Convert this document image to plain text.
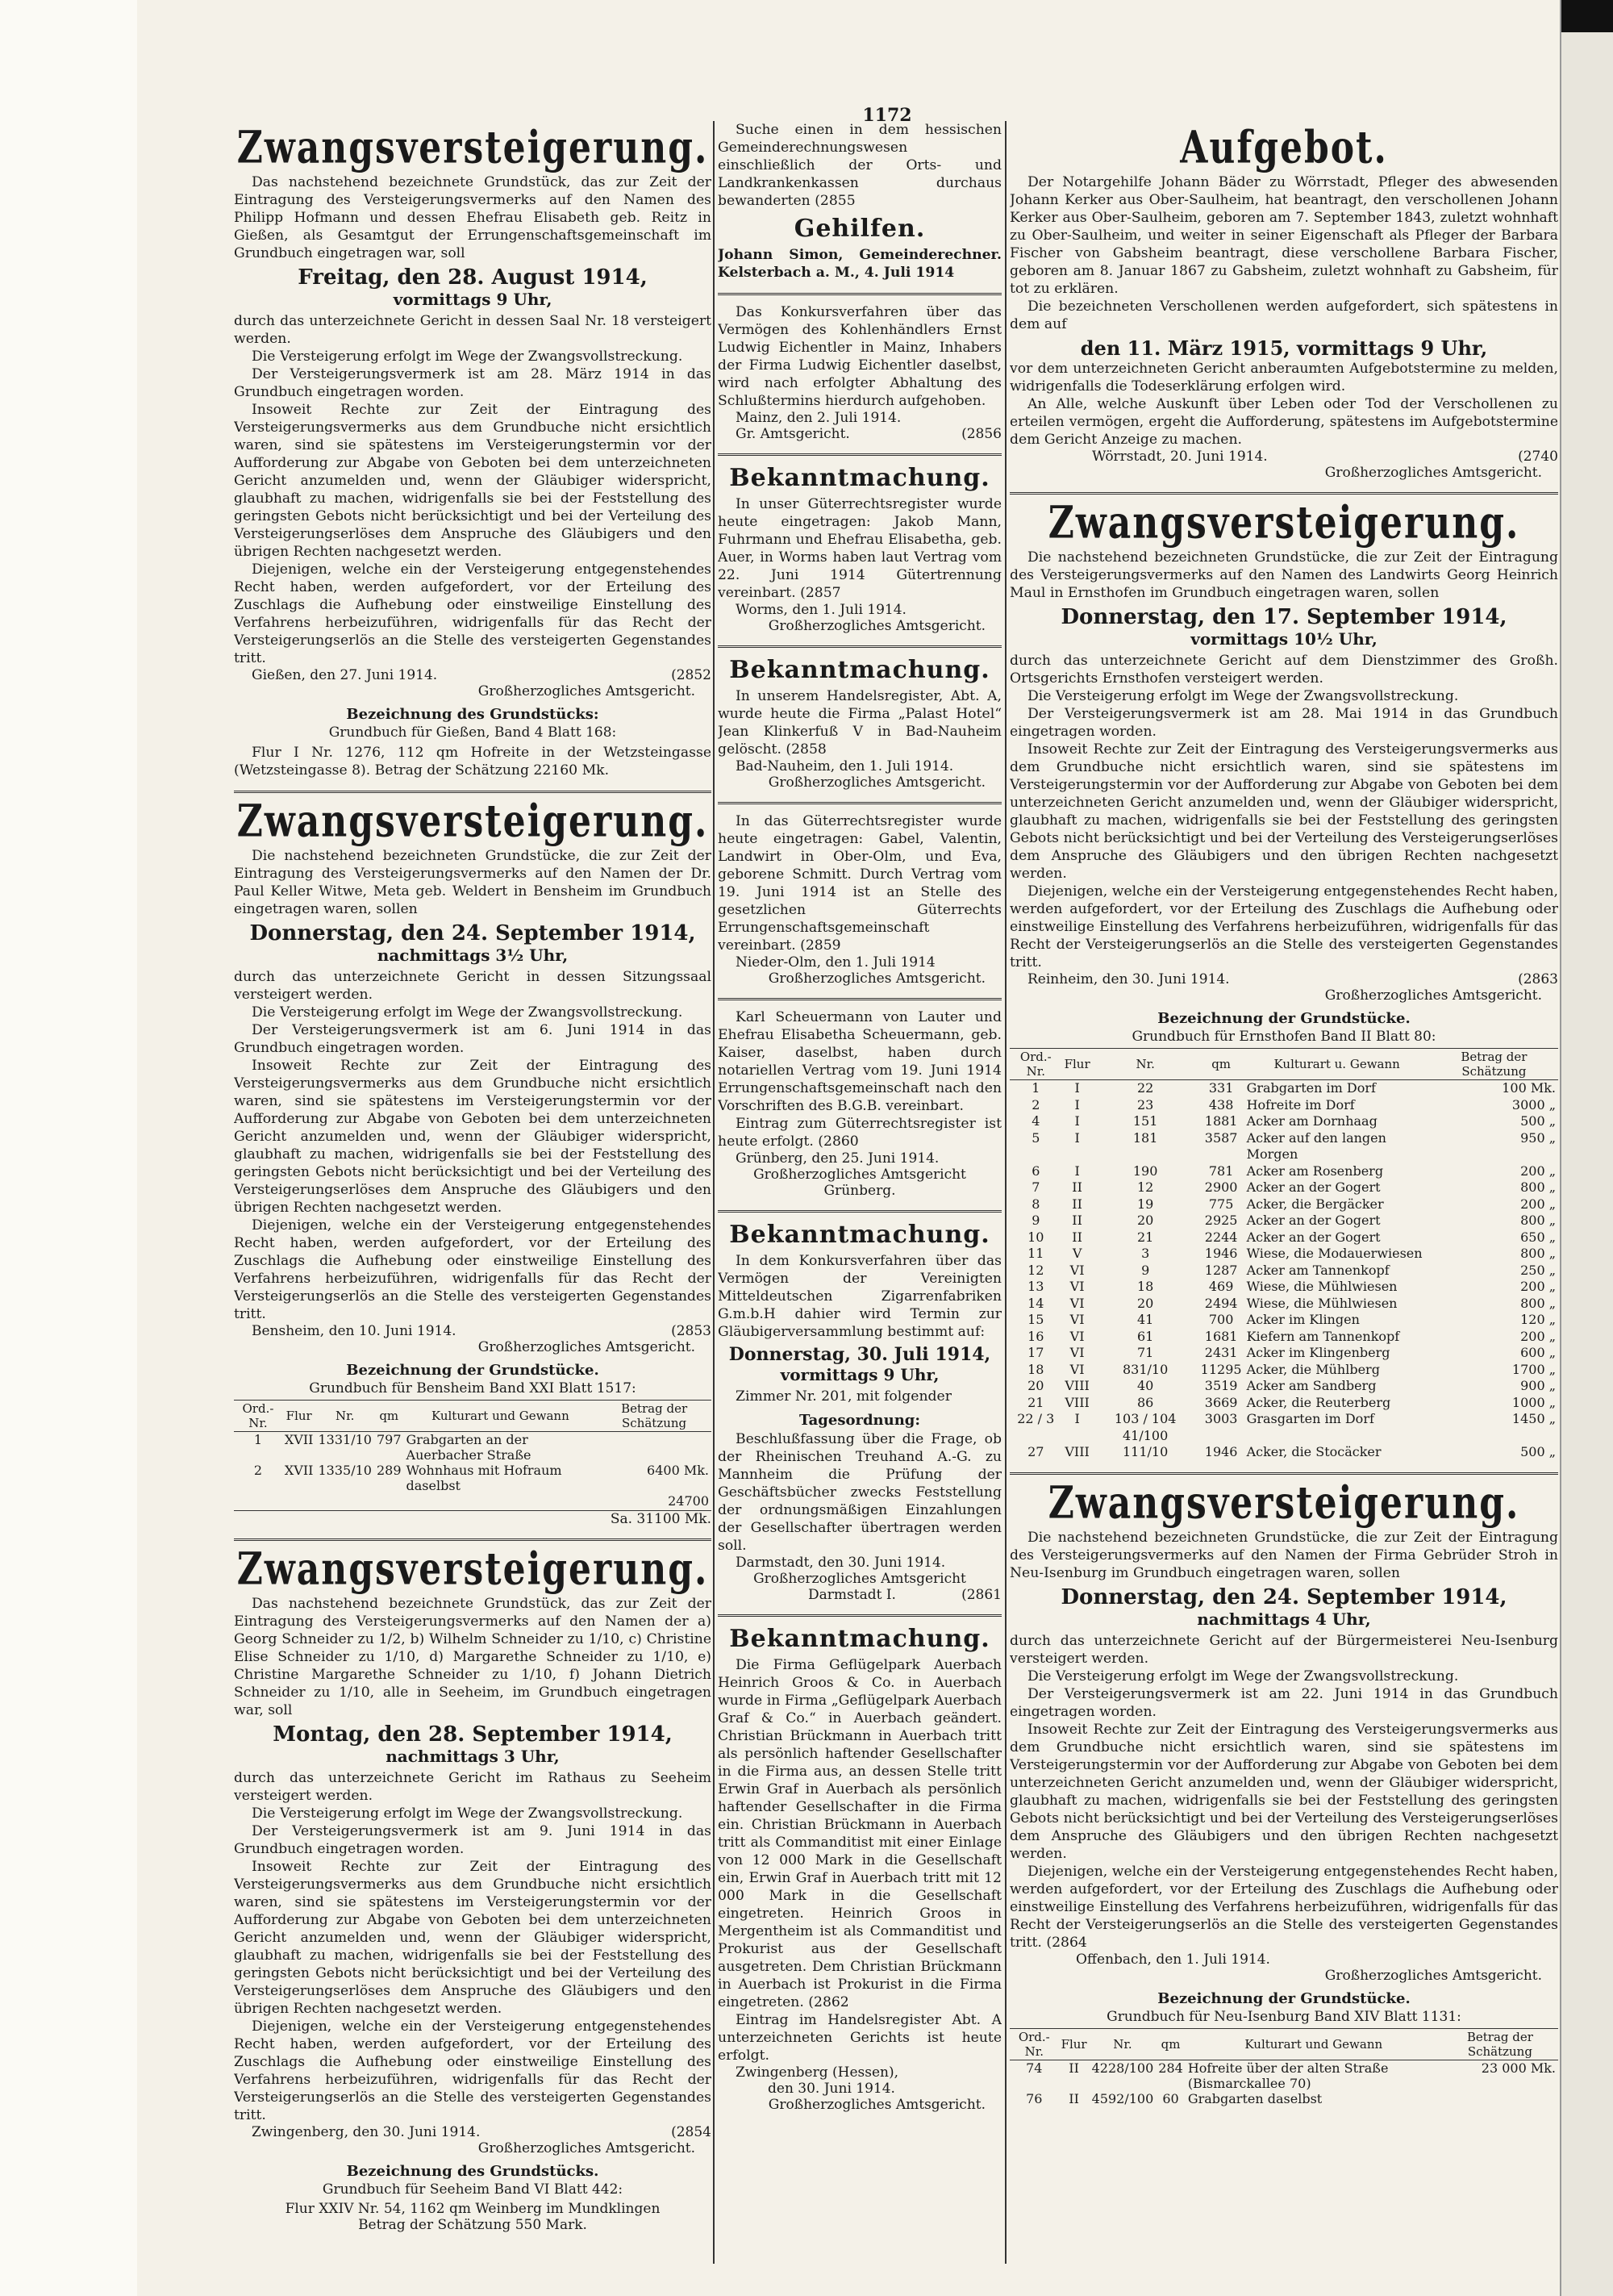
1172
Zwangsversteigerung.

Das nachstehend bezeichnete Grundstück, das zur Zeit der Eintragung des Versteigerungsvermerks auf den Namen des Philipp Hofmann und dessen Ehefrau Elisabeth geb. Reitz in Gießen, als Gesamtgut der Errungenschaftsgemeinschaft im Grundbuch eingetragen war, soll

Freitag, den 28. August 1914,
vormittags 9 Uhr,

durch das unterzeichnete Gericht in dessen Saal Nr. 18 versteigert werden.

Die Versteigerung erfolgt im Wege der Zwangsvollstreckung.

Der Versteigerungsvermerk ist am 28. März 1914 in das Grundbuch eingetragen worden.

Insoweit Rechte zur Zeit der Eintragung des Versteigerungsvermerks aus dem Grundbuche nicht ersichtlich waren, sind sie spätestens im Versteigerungstermin vor der Aufforderung zur Abgabe von Geboten bei dem unterzeichneten Gericht anzumelden und, wenn der Gläubiger widerspricht, glaubhaft zu machen, widrigenfalls sie bei der Feststellung des geringsten Gebots nicht berücksichtigt und bei der Verteilung des Versteigerungserlöses dem Anspruche des Gläubigers und den übrigen Rechten nachgesetzt werden.

Diejenigen, welche ein der Versteigerung entgegenstehendes Recht haben, werden aufgefordert, vor der Erteilung des Zuschlags die Aufhebung oder einstweilige Einstellung des Verfahrens herbeizuführen, widrigenfalls für das Recht der Versteigerungserlös an die Stelle des versteigerten Gegenstandes tritt.

Gießen, den 27. Juni 1914.	(2852

Großherzogliches Amtsgericht.

Bezeichnung des Grundstücks:
Grundbuch für Gießen, Band 4 Blatt 168:

Flur I Nr. 1276, 112 qm Hofreite in der Wetzsteingasse (Wetzsteingasse 8). Betrag der Schätzung 22160 Mk.

Zwangsversteigerung.

Die nachstehend bezeichneten Grundstücke, die zur Zeit der Eintragung des Versteigerungsvermerks auf den Namen der Dr. Paul Keller Witwe, Meta geb. Weldert in Bensheim im Grundbuch eingetragen waren, sollen

Donnerstag, den 24. September 1914,
nachmittags 3½ Uhr,

durch das unterzeichnete Gericht in dessen Sitzungssaal versteigert werden.

Die Versteigerung erfolgt im Wege der Zwangsvollstreckung.

Der Versteigerungsvermerk ist am 6. Juni 1914 in das Grundbuch eingetragen worden.

Insoweit Rechte zur Zeit der Eintragung des Versteigerungsvermerks aus dem Grundbuche nicht ersichtlich waren, sind sie spätestens im Versteigerungstermin vor der Aufforderung zur Abgabe von Geboten bei dem unterzeichneten Gericht anzumelden und, wenn der Gläubiger widerspricht, glaubhaft zu machen, widrigenfalls sie bei der Feststellung des geringsten Gebots nicht berücksichtigt und bei der Verteilung des Versteigerungserlöses dem Anspruche des Gläubigers und den übrigen Rechten nachgesetzt werden.

Diejenigen, welche ein der Versteigerung entgegenstehendes Recht haben, werden aufgefordert, vor der Erteilung des Zuschlags die Aufhebung oder einstweilige Einstellung des Verfahrens herbeizuführen, widrigenfalls für das Recht der Versteigerungserlös an die Stelle des versteigerten Gegenstandes tritt.

Bensheim, den 10. Juni 1914.	(2853

Großherzogliches Amtsgericht.

Bezeichnung der Grundstücke.
Grundbuch für Bensheim Band XXI Blatt 1517:
Ord.-Nr.	Flur	Nr.	qm	Kulturart und Gewann	Betrag der Schätzung
1	XVII	1331/10	797	Grabgarten an der Auerbacher Straße	
2	XVII	1335/10	289	Wohnhaus mit Hofraum daselbst	6400 Mk.
24700					
Sa. 31100 Mk.
Zwangsversteigerung.

Das nachstehend bezeichnete Grundstück, das zur Zeit der Eintragung des Versteigerungsvermerks auf den Namen der a) Georg Schneider zu 1/2, b) Wilhelm Schneider zu 1/10, c) Christine Elise Schneider zu 1/10, d) Margarethe Schneider zu 1/10, e) Christine Margarethe Schneider zu 1/10, f) Johann Dietrich Schneider zu 1/10, alle in Seeheim, im Grundbuch eingetragen war, soll

Montag, den 28. September 1914,
nachmittags 3 Uhr,

durch das unterzeichnete Gericht im Rathaus zu Seeheim versteigert werden.

Die Versteigerung erfolgt im Wege der Zwangsvollstreckung.

Der Versteigerungsvermerk ist am 9. Juni 1914 in das Grundbuch eingetragen worden.

Insoweit Rechte zur Zeit der Eintragung des Versteigerungsvermerks aus dem Grundbuche nicht ersichtlich waren, sind sie spätestens im Versteigerungstermin vor der Aufforderung zur Abgabe von Geboten bei dem unterzeichneten Gericht anzumelden und, wenn der Gläubiger widerspricht, glaubhaft zu machen, widrigenfalls sie bei der Feststellung des geringsten Gebots nicht berücksichtigt und bei der Verteilung des Versteigerungserlöses dem Anspruche des Gläubigers und den übrigen Rechten nachgesetzt werden.

Diejenigen, welche ein der Versteigerung entgegenstehendes Recht haben, werden aufgefordert, vor der Erteilung des Zuschlags die Aufhebung oder einstweilige Einstellung des Verfahrens herbeizuführen, widrigenfalls für das Recht der Versteigerungserlös an die Stelle des versteigerten Gegenstandes tritt.

Zwingenberg, den 30. Juni 1914.	(2854

Großherzogliches Amtsgericht.

Bezeichnung des Grundstücks.
Grundbuch für Seeheim Band VI Blatt 442:

Flur XXIV Nr. 54, 1162 qm Weinberg im Mundklingen

Betrag der Schätzung 550 Mark.

Suche einen in dem hessischen Gemeinderechnungswesen einschließlich der Orts- und Landkrankenkassen durchaus bewanderten (2855

Gehilfen.

Johann Simon, Gemeinderechner. Kelsterbach a. M., 4. Juli 1914

Das Konkursverfahren über das Vermögen des Kohlenhändlers Ernst Ludwig Eichentler in Mainz, Inhabers der Firma Ludwig Eichentler daselbst, wird nach erfolgter Abhaltung des Schlußtermins hierdurch aufgehoben.

Mainz, den 2. Juli 1914.

Gr. Amtsgericht.	(2856

Bekanntmachung.

In unser Güterrechtsregister wurde heute eingetragen: Jakob Mann, Fuhrmann und Ehefrau Elisabetha, geb. Auer, in Worms haben laut Vertrag vom 22. Juni 1914 Gütertrennung vereinbart. (2857

Worms, den 1. Juli 1914.

Großherzogliches Amtsgericht.

Bekanntmachung.

In unserem Handelsregister, Abt. A, wurde heute die Firma „Palast Hotel“ Jean Klinkerfuß V in Bad-Nauheim gelöscht. (2858

Bad-Nauheim, den 1. Juli 1914.

Großherzogliches Amtsgericht.

In das Güterrechtsregister wurde heute eingetragen: Gabel, Valentin, Landwirt in Ober-Olm, und Eva, geborene Schmitt. Durch Vertrag vom 19. Juni 1914 ist an Stelle des gesetzlichen Güterrechts Errungenschaftsgemeinschaft vereinbart. (2859

Nieder-Olm, den 1. Juli 1914

Großherzogliches Amtsgericht.

Karl Scheuermann von Lauter und Ehefrau Elisabetha Scheuermann, geb. Kaiser, daselbst, haben durch notariellen Vertrag vom 19. Juni 1914 Errungenschaftsgemeinschaft nach den Vorschriften des B.G.B. vereinbart.

Eintrag zum Güterrechtsregister ist heute erfolgt. (2860

Grünberg, den 25. Juni 1914.

Großherzogliches Amtsgericht

Grünberg.

Bekanntmachung.

In dem Konkursverfahren über das Vermögen der Vereinigten Mitteldeutschen Zigarrenfabriken G.m.b.H dahier wird Termin zur Gläubigerversammlung bestimmt auf:

Donnerstag, 30. Juli 1914,
vormittags 9 Uhr,

Zimmer Nr. 201, mit folgender

Tagesordnung:

Beschlußfassung über die Frage, ob der Rheinischen Treuhand A.-G. zu Mannheim die Prüfung der Geschäftsbücher zwecks Feststellung der ordnungsmäßigen Einzahlungen der Gesellschafter übertragen werden soll.

Darmstadt, den 30. Juni 1914.

Großherzogliches Amtsgericht

Darmstadt I.	(2861

Bekanntmachung.

Die Firma Geflügelpark Auerbach Heinrich Groos & Co. in Auerbach wurde in Firma „Geflügelpark Auerbach Graf & Co.“ in Auerbach geändert. Christian Brückmann in Auerbach tritt als persönlich haftender Gesellschafter in die Firma aus, an dessen Stelle tritt Erwin Graf in Auerbach als persönlich haftender Gesellschafter in die Firma ein. Christian Brückmann in Auerbach tritt als Commanditist mit einer Einlage von 12 000 Mark in die Gesellschaft ein, Erwin Graf in Auerbach tritt mit 12 000 Mark in die Gesellschaft eingetreten. Heinrich Groos in Mergentheim ist als Commanditist und Prokurist aus der Gesellschaft ausgetreten. Dem Christian Brückmann in Auerbach ist Prokurist in die Firma eingetreten. (2862

Eintrag im Handelsregister Abt. A unterzeichneten Gerichts ist heute erfolgt.

Zwingenberg (Hessen),

den 30. Juni 1914.

Großherzogliches Amtsgericht.

Aufgebot.

Der Notargehilfe Johann Bäder zu Wörrstadt, Pfleger des abwesenden Johann Kerker aus Ober-Saulheim, hat beantragt, den verschollenen Johann Kerker aus Ober-Saulheim, geboren am 7. September 1843, zuletzt wohnhaft zu Ober-Saulheim, und weiter in seiner Eigenschaft als Pfleger der Barbara Fischer von Gabsheim beantragt, diese verschollene Barbara Fischer, geboren am 8. Januar 1867 zu Gabsheim, zuletzt wohnhaft zu Gabsheim, für tot zu erklären.

Die bezeichneten Verschollenen werden aufgefordert, sich spätestens in dem auf

den 11. März 1915, vormittags 9 Uhr,

vor dem unterzeichneten Gericht anberaumten Aufgebotstermine zu melden, widrigenfalls die Todeserklärung erfolgen wird.

An Alle, welche Auskunft über Leben oder Tod der Verschollenen zu erteilen vermögen, ergeht die Aufforderung, spätestens im Aufgebotstermine dem Gericht Anzeige zu machen.

Wörrstadt, 20. Juni 1914.	(2740

Großherzogliches Amtsgericht.

Zwangsversteigerung.

Die nachstehend bezeichneten Grundstücke, die zur Zeit der Eintragung des Versteigerungsvermerks auf den Namen des Landwirts Georg Heinrich Maul in Ernsthofen im Grundbuch eingetragen waren, sollen

Donnerstag, den 17. September 1914,
vormittags 10½ Uhr,

durch das unterzeichnete Gericht auf dem Dienstzimmer des Großh. Ortsgerichts Ernsthofen versteigert werden.

Die Versteigerung erfolgt im Wege der Zwangsvollstreckung.

Der Versteigerungsvermerk ist am 28. Mai 1914 in das Grundbuch eingetragen worden.

Insoweit Rechte zur Zeit der Eintragung des Versteigerungsvermerks aus dem Grundbuche nicht ersichtlich waren, sind sie spätestens im Versteigerungstermin vor der Aufforderung zur Abgabe von Geboten bei dem unterzeichneten Gericht anzumelden und, wenn der Gläubiger widerspricht, glaubhaft zu machen, widrigenfalls sie bei der Feststellung des geringsten Gebots nicht berücksichtigt und bei der Verteilung des Versteigerungserlöses dem Anspruche des Gläubigers und den übrigen Rechten nachgesetzt werden.

Diejenigen, welche ein der Versteigerung entgegenstehendes Recht haben, werden aufgefordert, vor der Erteilung des Zuschlags die Aufhebung oder einstweilige Einstellung des Verfahrens herbeizuführen, widrigenfalls für das Recht der Versteigerungserlös an die Stelle des versteigerten Gegenstandes tritt.

Reinheim, den 30. Juni 1914.	(2863

Großherzogliches Amtsgericht.

Bezeichnung der Grundstücke.
Grundbuch für Ernsthofen Band II Blatt 80:
Ord.-Nr.	Flur	Nr.	qm	Kulturart u. Gewann	Betrag der Schätzung
1	I	22	331	Grabgarten im Dorf	100 Mk.
2	I	23	438	Hofreite im Dorf	3000 „
4	I	151	1881	Acker am Dornhaag	500 „
5	I	181	3587	Acker auf den langen Morgen	950 „
6	I	190	781	Acker am Rosenberg	200 „
7	II	12	2900	Acker an der Gogert	800 „
8	II	19	775	Acker, die Bergäcker	200 „
9	II	20	2925	Acker an der Gogert	800 „
10	II	21	2244	Acker an der Gogert	650 „
11	V	3	1946	Wiese, die Modauerwiesen	800 „
12	VI	9	1287	Acker am Tannenkopf	250 „
13	VI	18	469	Wiese, die Mühlwiesen	200 „
14	VI	20	2494	Wiese, die Mühlwiesen	800 „
15	VI	41	700	Acker im Klingen	120 „
16	VI	61	1681	Kiefern am Tannenkopf	200 „
17	VI	71	2431	Acker im Klingenberg	600 „
18	VI	831/10	11295	Acker, die Mühlberg	1700 „
20	VIII	40	3519	Acker am Sandberg	900 „
21	VIII	86	3669	Acker, die Reuterberg	1000 „
22 / 3	I	103 / 104 41/100	3003	Grasgarten im Dorf	1450 „
27	VIII	111/10	1946	Acker, die Stocäcker	500 „
Zwangsversteigerung.

Die nachstehend bezeichneten Grundstücke, die zur Zeit der Eintragung des Versteigerungsvermerks auf den Namen der Firma Gebrüder Stroh in Neu-Isenburg im Grundbuch eingetragen waren, sollen

Donnerstag, den 24. September 1914,
nachmittags 4 Uhr,

durch das unterzeichnete Gericht auf der Bürgermeisterei Neu-Isenburg versteigert werden.

Die Versteigerung erfolgt im Wege der Zwangsvollstreckung.

Der Versteigerungsvermerk ist am 22. Juni 1914 in das Grundbuch eingetragen worden.

Insoweit Rechte zur Zeit der Eintragung des Versteigerungsvermerks aus dem Grundbuche nicht ersichtlich waren, sind sie spätestens im Versteigerungstermin vor der Aufforderung zur Abgabe von Geboten bei dem unterzeichneten Gericht anzumelden und, wenn der Gläubiger widerspricht, glaubhaft zu machen, widrigenfalls sie bei der Feststellung des geringsten Gebots nicht berücksichtigt und bei der Verteilung des Versteigerungserlöses dem Anspruche des Gläubigers und den übrigen Rechten nachgesetzt werden.

Diejenigen, welche ein der Versteigerung entgegenstehendes Recht haben, werden aufgefordert, vor der Erteilung des Zuschlags die Aufhebung oder einstweilige Einstellung des Verfahrens herbeizuführen, widrigenfalls für das Recht der Versteigerungserlös an die Stelle des versteigerten Gegenstandes tritt. (2864

Offenbach, den 1. Juli 1914.

Großherzogliches Amtsgericht.

Bezeichnung der Grundstücke.
Grundbuch für Neu-Isenburg Band XIV Blatt 1131:
Ord.-Nr.	Flur	Nr.	qm	Kulturart und Gewann	Betrag der Schätzung
74	II	4228/100	284	Hofreite über der alten Straße (Bismarckallee 70)	23 000 Mk.
76	II	4592/100	60	Grabgarten daselbst	
